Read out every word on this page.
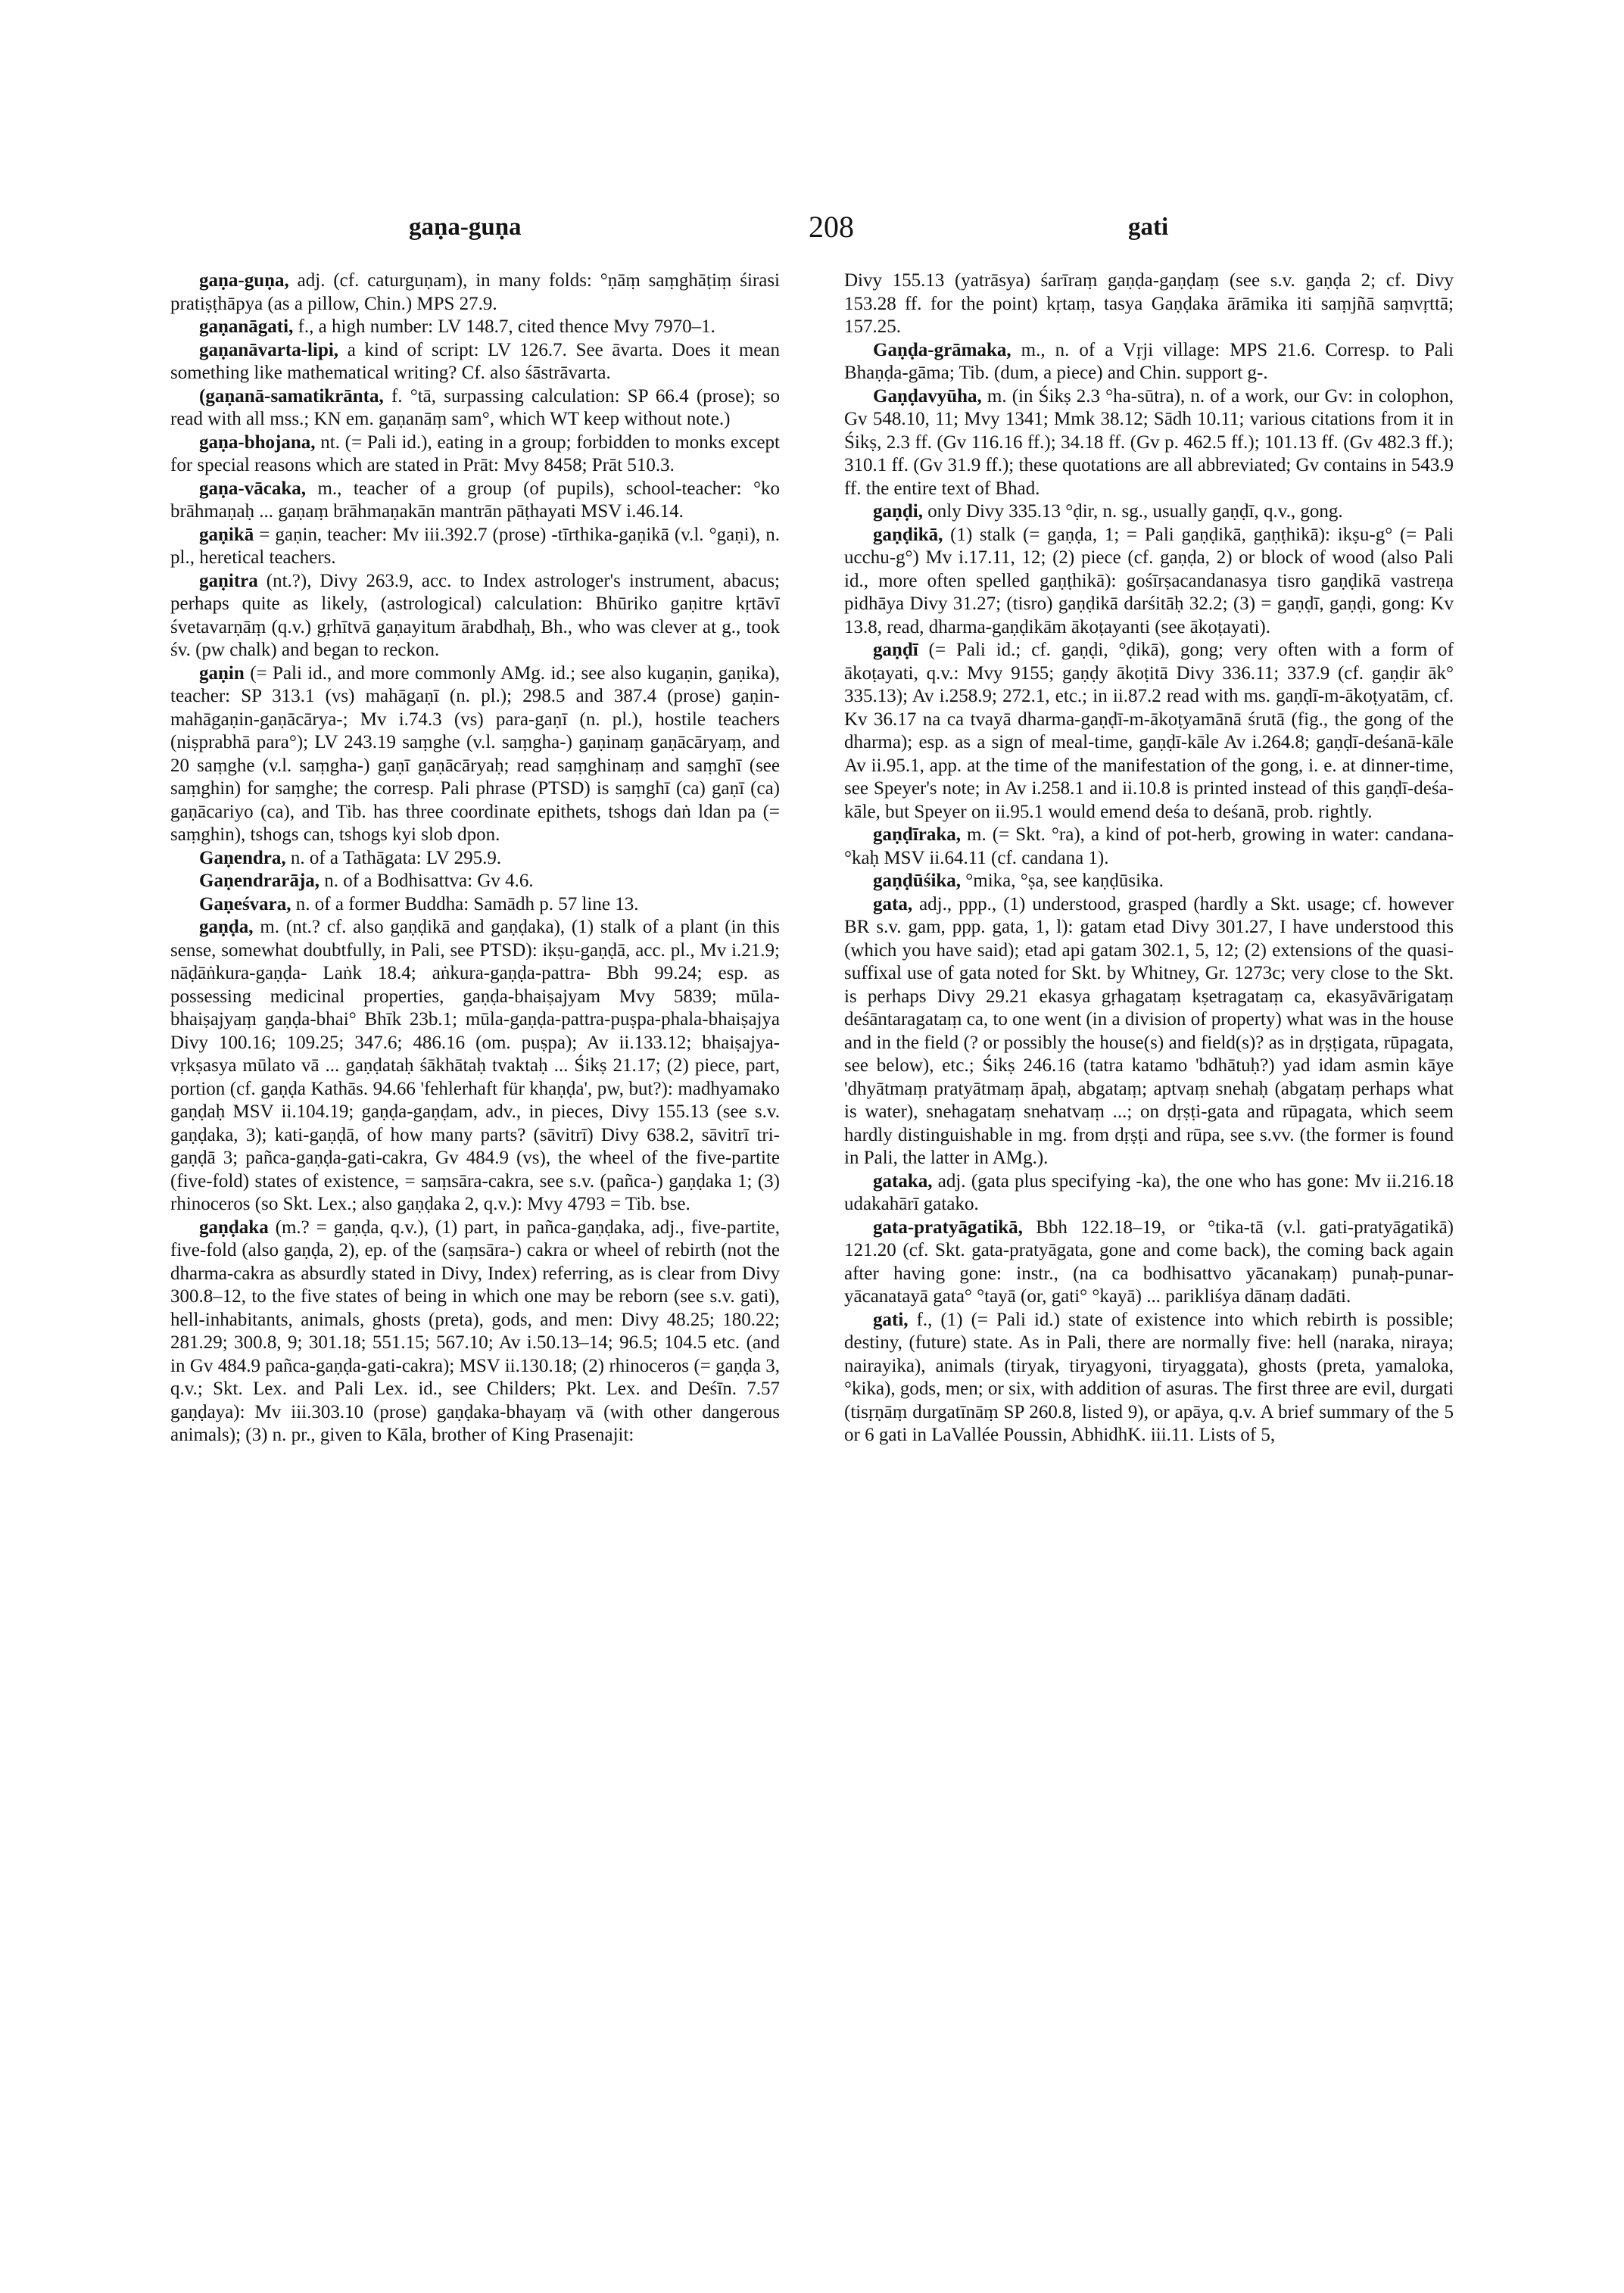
gaṇa-guṇa	208	gati

gaṇa-guṇa, adj. (cf. caturguṇam), in many folds: °ṇāṃ saṃghāṭiṃ śirasi pratiṣṭhāpya (as a pillow, Chin.) MPS 27.9.

gaṇanāgati, f., a high number: LV 148.7, cited thence Mvy 7970–1.

gaṇanāvarta-lipi, a kind of script: LV 126.7. See āvarta. Does it mean something like mathematical writing? Cf. also śāstrāvarta.

(gaṇanā-samatikrānta, f. °tā, surpassing calculation: SP 66.4 (prose); so read with all mss.; KN em. gaṇanāṃ sam°, which WT keep without note.)

gaṇa-bhojana, nt. (= Pali id.), eating in a group; forbidden to monks except for special reasons which are stated in Prāt: Mvy 8458; Prāt 510.3.

gaṇa-vācaka, m., teacher of a group (of pupils), school-teacher: °ko brāhmaṇaḥ ... gaṇaṃ brāhmaṇakān mantrān pāṭhayati MSV i.46.14.

gaṇikā = gaṇin, teacher: Mv iii.392.7 (prose) -tīrthika-gaṇikā (v.l. °gaṇi), n. pl., heretical teachers.

gaṇitra (nt.?), Divy 263.9, acc. to Index astrologer's instrument, abacus; perhaps quite as likely, (astrological) calculation: Bhūriko gaṇitre kṛtāvī śvetavarṇāṃ (q.v.) gṛhītvā gaṇayitum ārabdhaḥ, Bh., who was clever at g., took śv. (pw chalk) and began to reckon.

gaṇin (= Pali id., and more commonly AMg. id.; see also kugaṇin, gaṇika), teacher: SP 313.1 (vs) mahāgaṇī (n. pl.); 298.5 and 387.4 (prose) gaṇin- mahāgaṇin-gaṇācārya-; Mv i.74.3 (vs) para-gaṇī (n. pl.), hostile teachers (niṣprabhā para°); LV 243.19 saṃghe (v.l. saṃgha-) gaṇinaṃ gaṇācāryaṃ, and 20 saṃghe (v.l. saṃgha-) gaṇī gaṇācāryaḥ; read saṃghinaṃ and saṃghī (see saṃghin) for saṃghe; the corresp. Pali phrase (PTSD) is saṃghī (ca) gaṇī (ca) gaṇācariyo (ca), and Tib. has three coordinate epithets, tshogs daṅ ldan pa (= saṃghin), tshogs can, tshogs kyi slob dpon.

Gaṇendra, n. of a Tathāgata: LV 295.9.

Gaṇendrarāja, n. of a Bodhisattva: Gv 4.6.

Gaṇeśvara, n. of a former Buddha: Samādh p. 57 line 13.

gaṇḍa, m. (nt.? cf. also gaṇḍikā and gaṇḍaka), (1) stalk of a plant (in this sense, somewhat doubtfully, in Pali, see PTSD): ikṣu-gaṇḍā, acc. pl., Mv i.21.9; nāḍāṅkura-gaṇḍa- Laṅk 18.4; aṅkura-gaṇḍa-pattra- Bbh 99.24; esp. as possessing medicinal properties, gaṇḍa-bhaiṣajyam Mvy 5839; mūla-bhaiṣajyaṃ gaṇḍa-bhai° Bhīk 23b.1; mūla-gaṇḍa-pattra-puṣpa-phala-bhaiṣajya Divy 100.16; 109.25; 347.6; 486.16 (om. puṣpa); Av ii.133.12; bhaiṣajya-vṛkṣasya mūlato vā ... gaṇḍataḥ śākhātaḥ tvaktaḥ ... Śikṣ 21.17; (2) piece, part, portion (cf. gaṇḍa Kathās. 94.66 'fehlerhaft für khaṇḍa', pw, but?): madhyamako gaṇḍaḥ MSV ii.104.19; gaṇḍa-gaṇḍam, adv., in pieces, Divy 155.13 (see s.v. gaṇḍaka, 3); kati-gaṇḍā, of how many parts? (sāvitrī) Divy 638.2, sāvitrī tri-gaṇḍā 3; pañca-gaṇḍa-gati-cakra, Gv 484.9 (vs), the wheel of the five-partite (five-fold) states of existence, = saṃsāra-cakra, see s.v. (pañca-) gaṇḍaka 1; (3) rhinoceros (so Skt. Lex.; also gaṇḍaka 2, q.v.): Mvy 4793 = Tib. bse.

gaṇḍaka (m.? = gaṇḍa, q.v.), (1) part, in pañca-gaṇḍaka, adj., five-partite, five-fold (also gaṇḍa, 2), ep. of the (saṃsāra-) cakra or wheel of rebirth (not the dharma-cakra as absurdly stated in Divy, Index) referring, as is clear from Divy 300.8–12, to the five states of being in which one may be reborn (see s.v. gati), hell-inhabitants, animals, ghosts (preta), gods, and men: Divy 48.25; 180.22; 281.29; 300.8, 9; 301.18; 551.15; 567.10; Av i.50.13–14; 96.5; 104.5 etc. (and in Gv 484.9 pañca-gaṇḍa-gati-cakra); MSV ii.130.18; (2) rhinoceros (= gaṇḍa 3, q.v.; Skt. Lex. and Pali Lex. id., see Childers; Pkt. Lex. and Deśīn. 7.57 gaṇḍaya): Mv iii.303.10 (prose) gaṇḍaka-bhayaṃ vā (with other dangerous animals); (3) n. pr., given to Kāla, brother of King Prasenajit:

Divy 155.13 (yatrāsya) śarīraṃ gaṇḍa-gaṇḍaṃ (see s.v. gaṇḍa 2; cf. Divy 153.28 ff. for the point) kṛtaṃ, tasya Gaṇḍaka ārāmika iti saṃjñā saṃvṛttā; 157.25.

Gaṇḍa-grāmaka, m., n. of a Vṛji village: MPS 21.6. Corresp. to Pali Bhaṇḍa-gāma; Tib. (dum, a piece) and Chin. support g-.

Gaṇḍavyūha, m. (in Śikṣ 2.3 °ha-sūtra), n. of a work, our Gv: in colophon, Gv 548.10, 11; Mvy 1341; Mmk 38.12; Sādh 10.11; various citations from it in Śikṣ, 2.3 ff. (Gv 116.16 ff.); 34.18 ff. (Gv p. 462.5 ff.); 101.13 ff. (Gv 482.3 ff.); 310.1 ff. (Gv 31.9 ff.); these quotations are all abbreviated; Gv contains in 543.9 ff. the entire text of Bhad.

gaṇḍi, only Divy 335.13 °ḍir, n. sg., usually gaṇḍī, q.v., gong.

gaṇḍikā, (1) stalk (= gaṇḍa, 1; = Pali gaṇḍikā, gaṇṭhikā): ikṣu-g° (= Pali ucchu-g°) Mv i.17.11, 12; (2) piece (cf. gaṇḍa, 2) or block of wood (also Pali id., more often spelled gaṇṭhikā): gośīrṣacandanasya tisro gaṇḍikā vastreṇa pidhāya Divy 31.27; (tisro) gaṇḍikā darśitāḥ 32.2; (3) = gaṇḍī, gaṇḍi, gong: Kv 13.8, read, dharma-gaṇḍikām ākoṭayanti (see ākoṭayati).

gaṇḍī (= Pali id.; cf. gaṇḍi, °ḍikā), gong; very often with a form of ākoṭayati, q.v.: Mvy 9155; gaṇḍy ākoṭitā Divy 336.11; 337.9 (cf. gaṇḍir āk° 335.13); Av i.258.9; 272.1, etc.; in ii.87.2 read with ms. gaṇḍī-m-ākoṭyatām, cf. Kv 36.17 na ca tvayā dharma-gaṇḍī-m-ākoṭyamānā śrutā (fig., the gong of the dharma); esp. as a sign of meal-time, gaṇḍī-kāle Av i.264.8; gaṇḍī-deśanā-kāle Av ii.95.1, app. at the time of the manifestation of the gong, i. e. at dinner-time, see Speyer's note; in Av i.258.1 and ii.10.8 is printed instead of this gaṇḍī-deśa-kāle, but Speyer on ii.95.1 would emend deśa to deśanā, prob. rightly.

gaṇḍīraka, m. (= Skt. °ra), a kind of pot-herb, growing in water: candana-°kaḥ MSV ii.64.11 (cf. candana 1).

gaṇḍūśika, °mika, °ṣa, see kaṇḍūsika.

gata, adj., ppp., (1) understood, grasped (hardly a Skt. usage; cf. however BR s.v. gam, ppp. gata, 1, l): gatam etad Divy 301.27, I have understood this (which you have said); etad api gatam 302.1, 5, 12; (2) extensions of the quasi-suffixal use of gata noted for Skt. by Whitney, Gr. 1273c; very close to the Skt. is perhaps Divy 29.21 ekasya gṛhagataṃ kṣetragataṃ ca, ekasyāvārigataṃ deśāntaragataṃ ca, to one went (in a division of property) what was in the house and in the field (? or possibly the house(s) and field(s)? as in dṛṣṭigata, rūpagata, see below), etc.; Śikṣ 246.16 (tatra katamo 'bdhātuḥ?) yad idam asmin kāye 'dhyātmaṃ pratyātmaṃ āpaḥ, abgataṃ; aptvaṃ snehaḥ (abgataṃ perhaps what is water), snehagataṃ snehatvaṃ ...; on dṛṣṭi-gata and rūpagata, which seem hardly distinguishable in mg. from dṛṣṭi and rūpa, see s.vv. (the former is found in Pali, the latter in AMg.).

gataka, adj. (gata plus specifying -ka), the one who has gone: Mv ii.216.18 udakahārī gatako.

gata-pratyāgatikā, Bbh 122.18–19, or °tika-tā (v.l. gati-pratyāgatikā) 121.20 (cf. Skt. gata-pratyāgata, gone and come back), the coming back again after having gone: instr., (na ca bodhisattvo yācanakaṃ) punaḥ-punar-yācanatayā gata° °tayā (or, gati° °kayā) ... parikliśya dānaṃ dadāti.

gati, f., (1) (= Pali id.) state of existence into which rebirth is possible; destiny, (future) state. As in Pali, there are normally five: hell (naraka, niraya; nairayika), animals (tiryak, tiryagyoni, tiryaggata), ghosts (preta, yamaloka, °kika), gods, men; or six, with addition of asuras. The first three are evil, durgati (tisṛṇāṃ durgatīnāṃ SP 260.8, listed 9), or apāya, q.v. A brief summary of the 5 or 6 gati in LaVallée Poussin, AbhidhK. iii.11. Lists of 5,
